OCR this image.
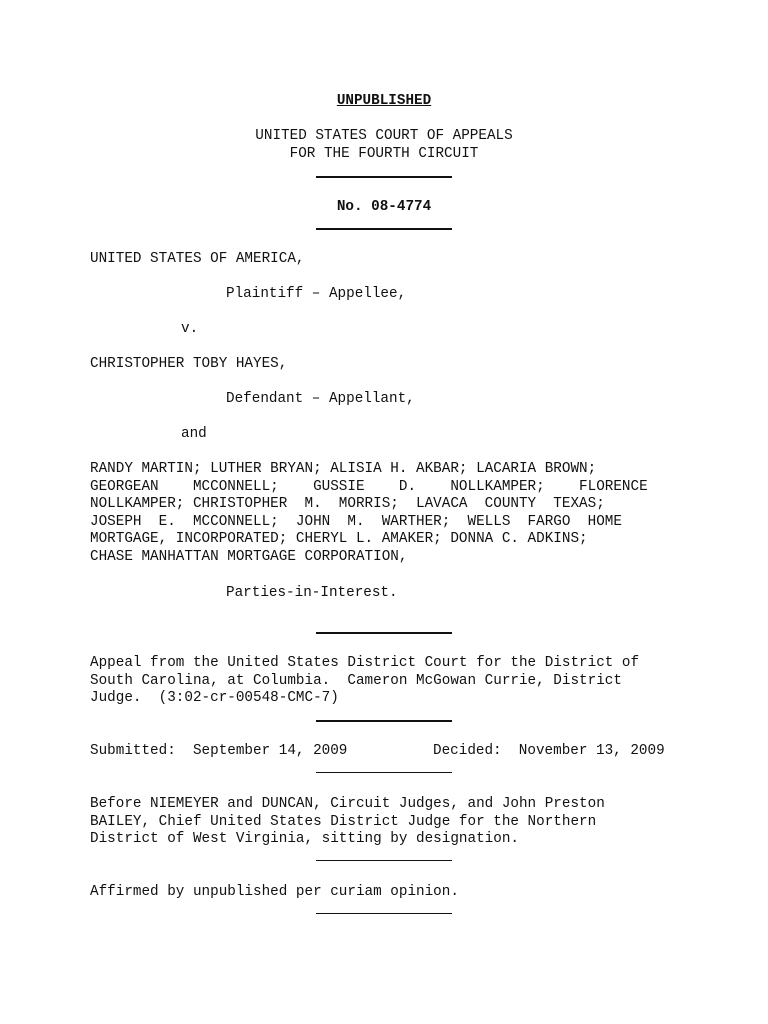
UNPUBLISHED
UNITED STATES COURT OF APPEALS
FOR THE FOURTH CIRCUIT
No. 08-4774
UNITED STATES OF AMERICA,
Plaintiff – Appellee,
v.
CHRISTOPHER TOBY HAYES,
Defendant – Appellant,
and
RANDY MARTIN; LUTHER BRYAN; ALISIA H. AKBAR; LACARIA BROWN;
GEORGEAN    MCCONNELL;    GUSSIE    D.    NOLLKAMPER;    FLORENCE
NOLLKAMPER; CHRISTOPHER  M.  MORRIS;  LAVACA  COUNTY  TEXAS;
JOSEPH  E.  MCCONNELL;  JOHN  M.  WARTHER;  WELLS  FARGO  HOME
MORTGAGE, INCORPORATED; CHERYL L. AMAKER; DONNA C. ADKINS;
CHASE MANHATTAN MORTGAGE CORPORATION,
Parties-in-Interest.
Appeal from the United States District Court for the District of
South Carolina, at Columbia.  Cameron McGowan Currie, District
Judge.  (3:02-cr-00548-CMC-7)
Submitted:  September 14, 2009	Decided:  November 13, 2009
Before NIEMEYER and DUNCAN, Circuit Judges, and John Preston
BAILEY, Chief United States District Judge for the Northern
District of West Virginia, sitting by designation.
Affirmed by unpublished per curiam opinion.
